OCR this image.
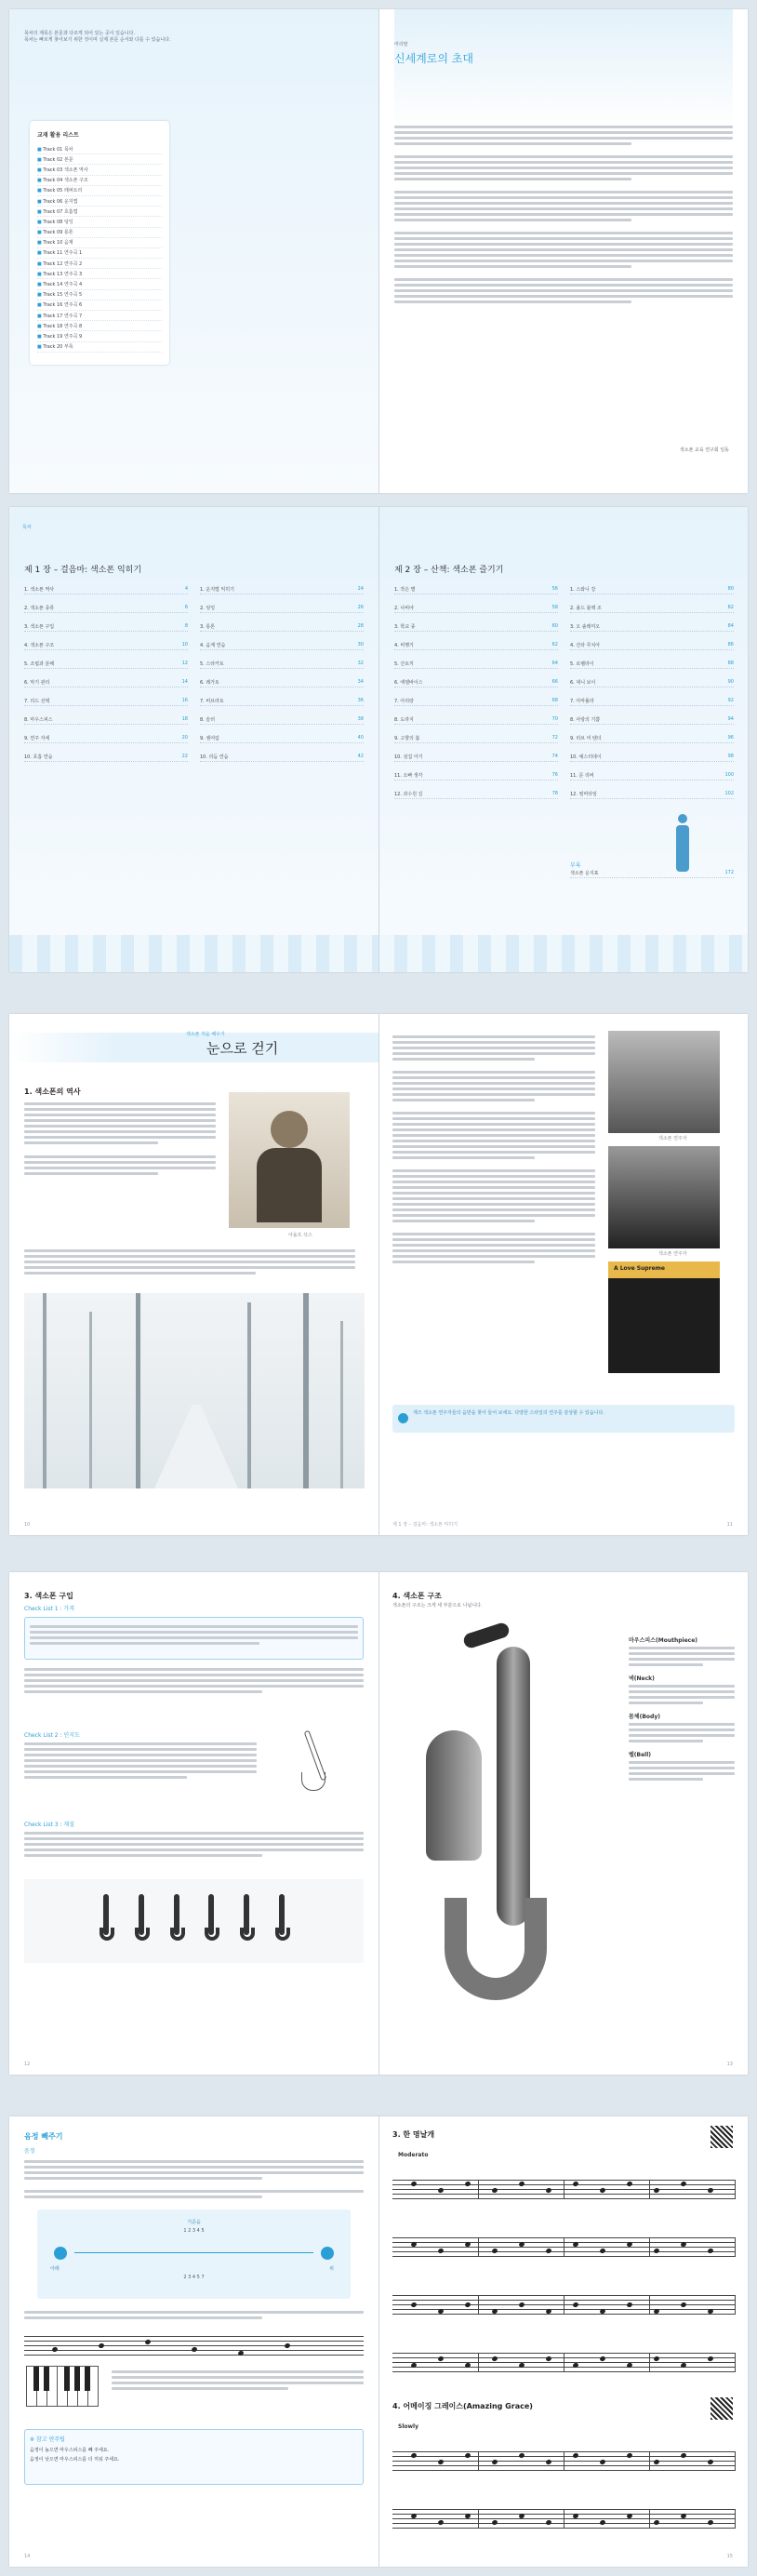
목차의 제목은 본문과 다르게 되어 있는 곳이 있습니다.
목차는 빠르게 찾아보기 위한 것이며 실제 본문 순서와 다를 수 있습니다.
교재 활용 리스트
■ Track 01 목차
■ Track 02 본문
■ Track 03 색소폰 역사
■ Track 04 색소폰 구조
■ Track 05 레퍼토리
■ Track 06 운지법
■ Track 07 호흡법
■ Track 08 텅잉
■ Track 09 롱톤
■ Track 10 음계
■ Track 11 연주곡 1
■ Track 12 연주곡 2
■ Track 13 연주곡 3
■ Track 14 연주곡 4
■ Track 15 연주곡 5
■ Track 16 연주곡 6
■ Track 17 연주곡 7
■ Track 18 연주곡 8
■ Track 19 연주곡 9
■ Track 20 부록
머리말
신세계로의 초대
색소폰 교육 연구회 일동
목차
제 1 장 – 걸음마: 색소폰 익히기
1. 색소폰 역사	4
2. 색소폰 종류	6
3. 색소폰 구입	8
4. 색소폰 구조	10
5. 조립과 분해	12
6. 악기 관리	14
7. 리드 선택	16
8. 마우스피스	18
9. 연주 자세	20
10. 호흡 연습	22
1. 운지법 익히기	24
2. 텅잉	26
3. 롱톤	28
4. 음계 연습	30
5. 스타카토	32
6. 레가토	34
7. 비브라토	36
8. 슬러	38
9. 셈여림	40
10. 리듬 연습	42
제 2 장 – 산책: 색소폰 즐기기
1. 작은 별	56
2. 나비야	58
3. 학교 종	60
4. 비행기	62
5. 산토끼	64
6. 에델바이스	66
7. 아리랑	68
8. 도라지	70
9. 고향의 봄	72
10. 섬집 아기	74
11. 오빠 생각	76
12. 과수원 길	78
1. 스와니 강	80
2. 올드 블랙 조	82
3. 오 솔레미오	84
4. 산타 루치아	86
5. 로렐라이	88
6. 대니 보이	90
7. 아마폴라	92
8. 사랑의 기쁨	94
9. 러브 미 텐더	96
10. 예스터데이	98
11. 문 리버	100
12. 썸머타임	102
부록
색소폰 운지표	172
색소폰 처음 배우기
눈으로 걷기
1. 색소폰의 역사
아돌프 삭스
10
색소폰 연주자
색소폰 연주자
A Love Supreme
재즈 색소폰 연주자들의 음반을 찾아 들어 보세요. 다양한 스타일의 연주를 감상할 수 있습니다.
제 1 장 – 걸음마: 색소폰 익히기	11
3. 색소폰 구입
Check List 1 : 가격
Check List 2 : 인지도
Check List 3 : 재질

12
4. 색소폰 구조
색소폰의 구조는 크게 세 부분으로 나뉩니다.
마우스피스(Mouthpiece)
넥(Neck)
몸체(Body)
벨(Bell)
13
음정 빼주기
음정
아래	위
기준음
1 2 3 4 5
2 3 4 5 7
※ 참고 연주팁
음정이 높으면 마우스피스를 빼 주세요.
음정이 낮으면 마우스피스를 더 끼워 주세요.
14
3. 한 명날개
Moderato
4. 어메이징 그레이스(Amazing Grace)
Slowly
15
